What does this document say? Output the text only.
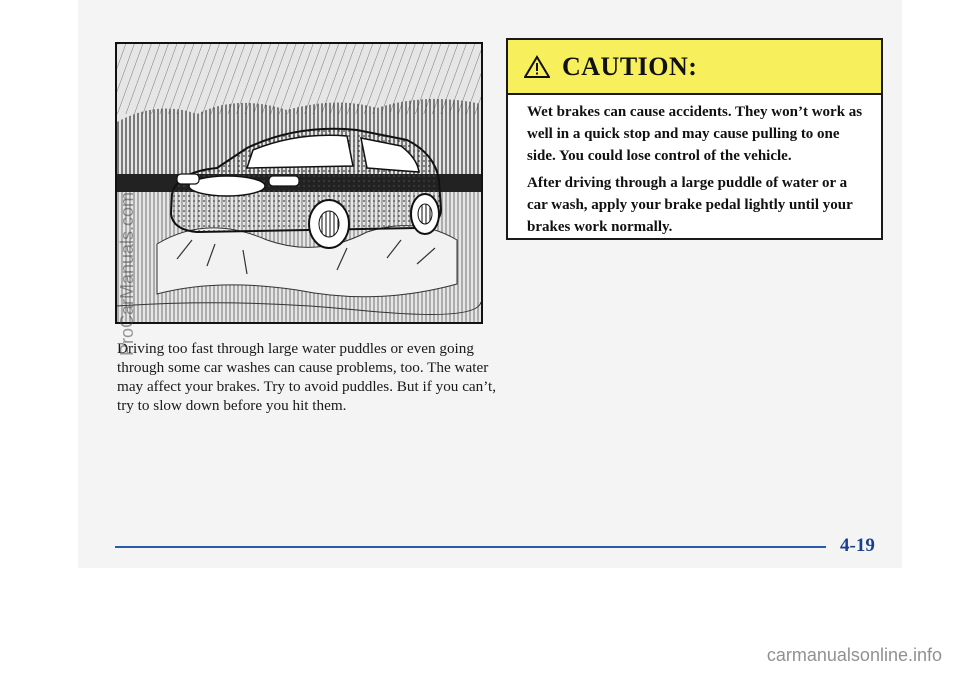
Driving too fast through large water puddles or even going through some car washes can cause problems, too. The water may affect your brakes. Try to avoid puddles. But if you can’t, try to slow down before you hit them.

CAUTION:

Wet brakes can cause accidents. They won’t work as well in a quick stop and may cause pulling to one side. You could lose control of the vehicle.

After driving through a large puddle of water or a car wash, apply your brake pedal lightly until your brakes work normally.

4-19
ProCarManuals.com
carmanualsonline.info
